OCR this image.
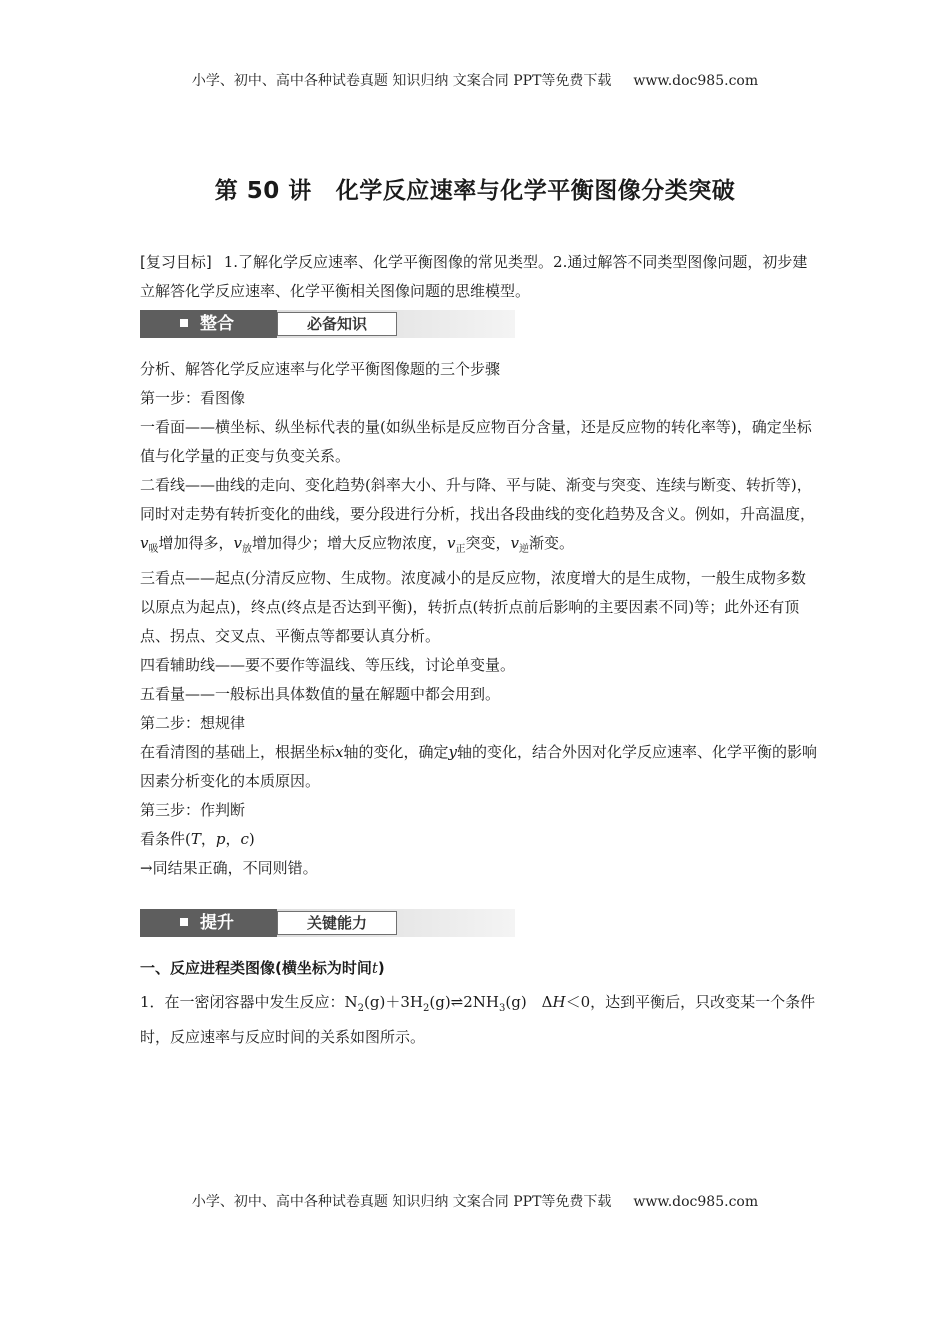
小学、初中、高中各种试卷真题 知识归纳 文案合同 PPT等免费下载 www.doc985.com
第 50 讲 化学反应速率与化学平衡图像分类突破

[复习目标] 1.了解化学反应速率、化学平衡图像的常见类型。2.通过解答不同类型图像问题，初步建立解答化学反应速率、化学平衡相关图像问题的思维模型。

整合	必备知识

分析、解答化学反应速率与化学平衡图像题的三个步骤

第一步：看图像

一看面——横坐标、纵坐标代表的量(如纵坐标是反应物百分含量，还是反应物的转化率等)，确定坐标值与化学量的正变与负变关系。

二看线——曲线的走向、变化趋势(斜率大小、升与降、平与陡、渐变与突变、连续与断变、转折等)，同时对走势有转折变化的曲线，要分段进行分析，找出各段曲线的变化趋势及含义。例如，升高温度，$v_吸$增加得多，$v_放$增加得少；增大反应物浓度，$v_正$突变，$v_逆$渐变。

三看点——起点(分清反应物、生成物。浓度减小的是反应物，浓度增大的是生成物，一般生成物多数以原点为起点)，终点(终点是否达到平衡)，转折点(转折点前后影响的主要因素不同)等；此外还有顶点、拐点、交叉点、平衡点等都要认真分析。

四看辅助线——要不要作等温线、等压线，讨论单变量。

五看量——一般标出具体数值的量在解题中都会用到。

第二步：想规律

在看清图的基础上，根据坐标x轴的变化，确定y轴的变化，结合外因对化学反应速率、化学平衡的影响因素分析变化的本质原因。

第三步：作判断

看条件(T，p，c)

→同结果正确，不同则错。

提升	关键能力
一、反应进程类图像(横坐标为时间t)

1．在一密闭容器中发生反应：$N_2(g)+3H_2(g)\rightleftharpoons 2NH_3(g)$　ΔH＜0，达到平衡后，只改变某一个条件时，反应速率与反应时间的关系如图所示。

小学、初中、高中各种试卷真题 知识归纳 文案合同 PPT等免费下载 www.doc985.com
